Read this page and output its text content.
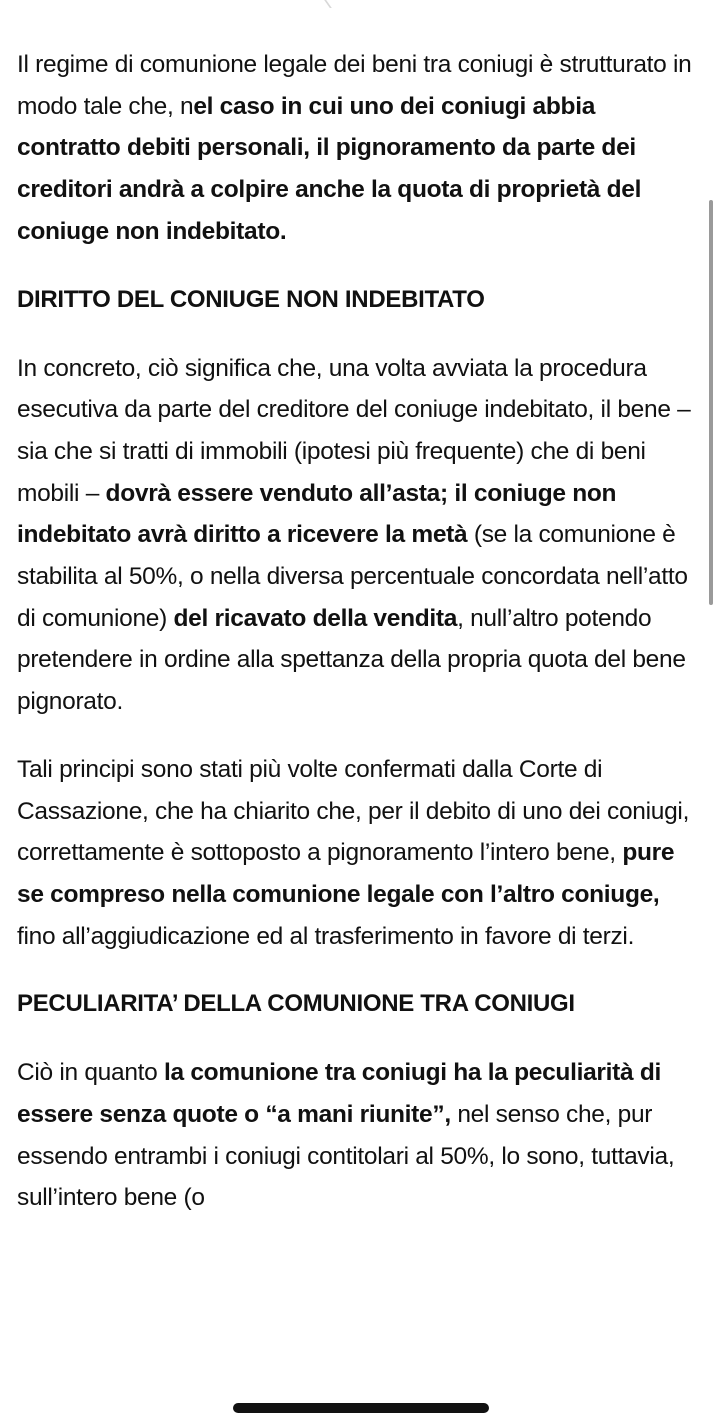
Il regime di comunione legale dei beni tra coniugi è strutturato in modo tale che, nel caso in cui uno dei coniugi abbia contratto debiti personali, il pignoramento da parte dei creditori andrà a colpire anche la quota di proprietà del coniuge non indebitato.

DIRITTO DEL CONIUGE NON INDEBITATO

In concreto, ciò significa che, una volta avviata la procedura esecutiva da parte del creditore del coniuge indebitato, il bene – sia che si tratti di immobili (ipotesi più frequente) che di beni mobili – dovrà essere venduto all’asta; il coniuge non indebitato avrà diritto a ricevere la metà (se la comunione è stabilita al 50%, o nella diversa percentuale concordata nell’atto di comunione) del ricavato della vendita, null’altro potendo pretendere in ordine alla spettanza della propria quota del bene pignorato.

Tali principi sono stati più volte confermati dalla Corte di Cassazione, che ha chiarito che, per il debito di uno dei coniugi, correttamente è sottoposto a pignoramento l’intero bene, pure se compreso nella comunione legale con l’altro coniuge, fino all’aggiudicazione ed al trasferimento in favore di terzi.

PECULIARITA’ DELLA COMUNIONE TRA CONIUGI

Ciò in quanto la comunione tra coniugi ha la peculiarità di essere senza quote o “a mani riunite”, nel senso che, pur essendo entrambi i coniugi contitolari al 50%, lo sono, tuttavia, sull’intero bene (o
